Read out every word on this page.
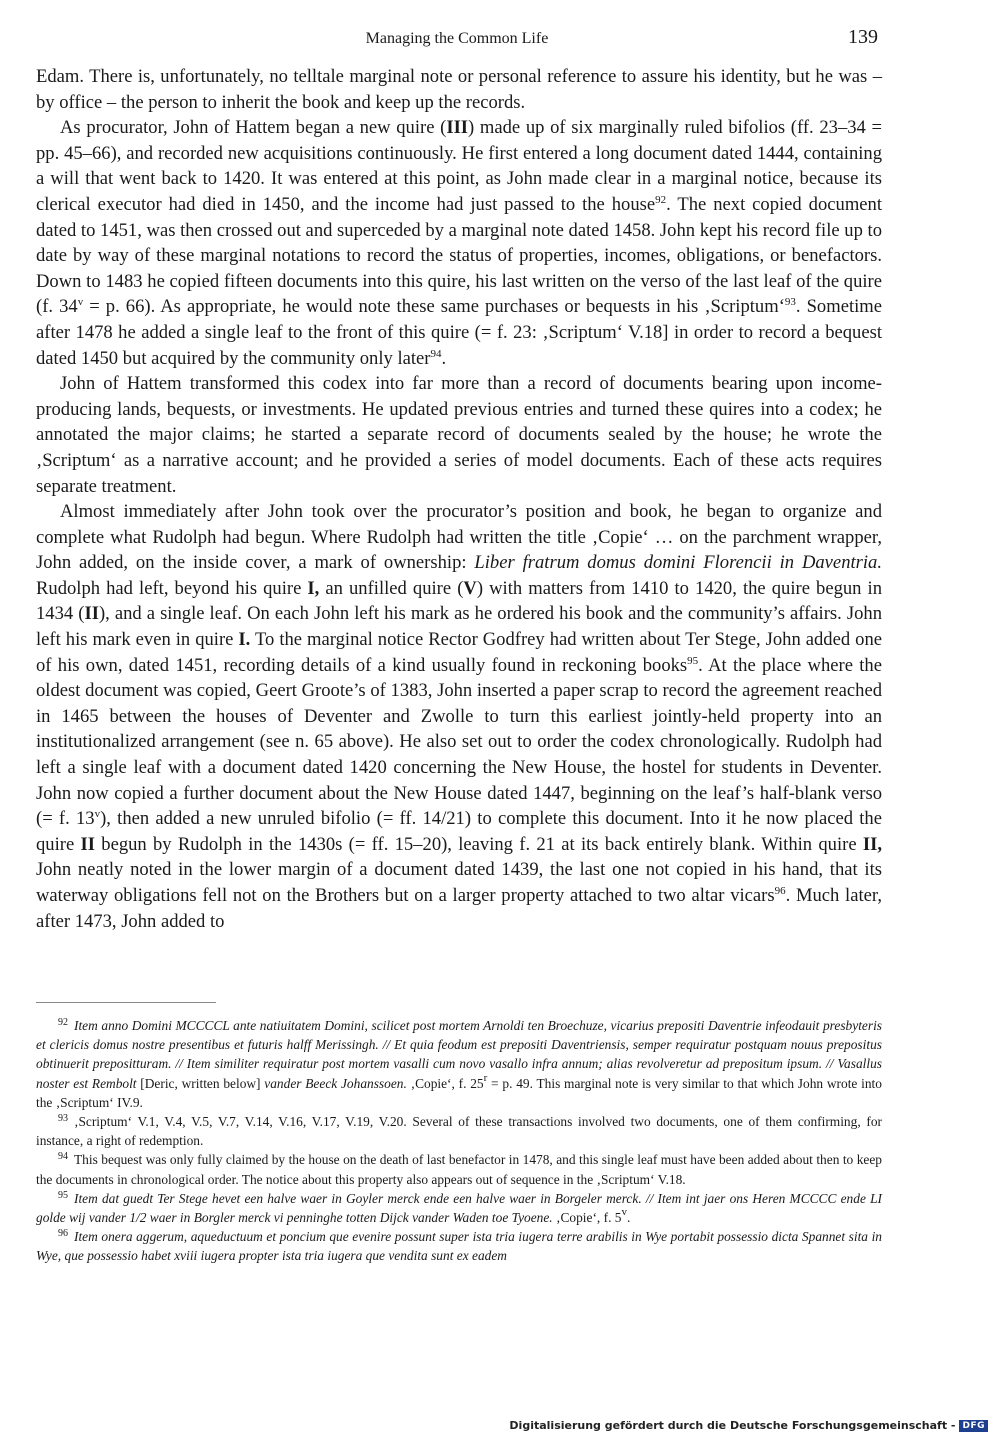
Managing the Common Life	139

Edam. There is, unfortunately, no telltale marginal note or personal reference to assure his identity, but he was – by office – the person to inherit the book and keep up the records.

As procurator, John of Hattem began a new quire (III) made up of six marginally ruled bifolios (ff. 23–34 = pp. 45–66), and recorded new acquisitions continuously. He first entered a long document dated 1444, containing a will that went back to 1420. It was entered at this point, as John made clear in a marginal notice, because its clerical executor had died in 1450, and the income had just passed to the house$^{92}$. The next copied document dated to 1451, was then crossed out and superceded by a marginal note dated 1458. John kept his record file up to date by way of these marginal notations to record the status of properties, incomes, obligations, or benefactors. Down to 1483 he copied fifteen documents into this quire, his last written on the verso of the last leaf of the quire (f. $34^v = p$. 66). As appropriate, he would note these same purchases or bequests in his ‚Scriptum‘$^{93}$. Sometime after 1478 he added a single leaf to the front of this quire (= f. 23: ‚Scriptum‘ V.18] in order to record a bequest dated 1450 but acquired by the community only later$^{94}$.

John of Hattem transformed this codex into far more than a record of documents bearing upon income-producing lands, bequests, or investments. He updated previous entries and turned these quires into a codex; he annotated the major claims; he started a separate record of documents sealed by the house; he wrote the ‚Scriptum‘ as a narrative account; and he provided a series of model documents. Each of these acts requires separate treatment.

Almost immediately after John took over the procurator’s position and book, he began to organize and complete what Rudolph had begun. Where Rudolph had written the title ‚Copie‘ … on the parchment wrapper, John added, on the inside cover, a mark of ownership: Liber fratrum domus domini Florencii in Daventria. Rudolph had left, beyond his quire I, an unfilled quire (V) with matters from 1410 to 1420, the quire begun in 1434 (II), and a single leaf. On each John left his mark as he ordered his book and the community’s affairs. John left his mark even in quire I. To the marginal notice Rector Godfrey had written about Ter Stege, John added one of his own, dated 1451, recording details of a kind usually found in reckoning books$^{95}$. At the place where the oldest document was copied, Geert Groote’s of 1383, John inserted a paper scrap to record the agreement reached in 1465 between the houses of Deventer and Zwolle to turn this earliest jointly-held property into an institutionalized arrangement (see n. 65 above). He also set out to order the codex chronologically. Rudolph had left a single leaf with a document dated 1420 concerning the New House, the hostel for students in Deventer. John now copied a further document about the New House dated 1447, beginning on the leaf’s half-blank verso (= f. 13$^v$), then added a new unruled bifolio (= ff. 14/21) to complete this document. Into it he now placed the quire II begun by Rudolph in the 1430s (= ff. 15–20), leaving f. 21 at its back entirely blank. Within quire II, John neatly noted in the lower margin of a document dated 1439, the last one not copied in his hand, that its waterway obligations fell not on the Brothers but on a larger property attached to two altar vicars$^{96}$. Much later, after 1473, John added to

$^{92}$ Item anno Domini MCCCCL ante natiuitatem Domini, scilicet post mortem Arnoldi ten Broechuze, vicarius prepositi Daventrie infeodauit presbyteris et clericis domus nostre presentibus et futuris halff Merissingh. // Et quia feodum est prepositi Daventriensis, semper requiratur postquam nouus prepositus obtinuerit prepositturam. // Item similiter requiratur post mortem vasalli cum novo vasallo infra annum; alias revolveretur ad prepositum ipsum. // Vasallus noster est Rembolt [Deric, written below] vander Beeck Johanssoen. ‚Copie‘, f. $25^r = p$. 49. This marginal note is very similar to that which John wrote into the ‚Scriptum‘ IV.9.

$^{93}$ ‚Scriptum‘ V.1, V.4, V.5, V.7, V.14, V.16, V.17, V.19, V.20. Several of these transactions involved two documents, one of them confirming, for instance, a right of redemption.

$^{94}$ This bequest was only fully claimed by the house on the death of last benefactor in 1478, and this single leaf must have been added about then to keep the documents in chronological order. The notice about this property also appears out of sequence in the ‚Scriptum‘ V.18.

$^{95}$ Item dat guedt Ter Stege hevet een halve waer in Goyler merck ende een halve waer in Borgeler merck. // Item int jaer ons Heren MCCCC ende LI golde wij vander 1/2 waer in Borgler merck vi penninghe totten Dijck vander Waden toe Tyoene. ‚Copie‘, f. 5$^v$.

$^{96}$ Item onera aggerum, aqueductuum et poncium que evenire possunt super ista tria iugera terre arabilis in Wye portabit possessio dicta Spannet sita in Wye, que possessio habet xviii iugera propter ista tria iugera que vendita sunt ex eadem

Digitalisierung gefördert durch die Deutsche Forschungsgemeinschaft - DFG
